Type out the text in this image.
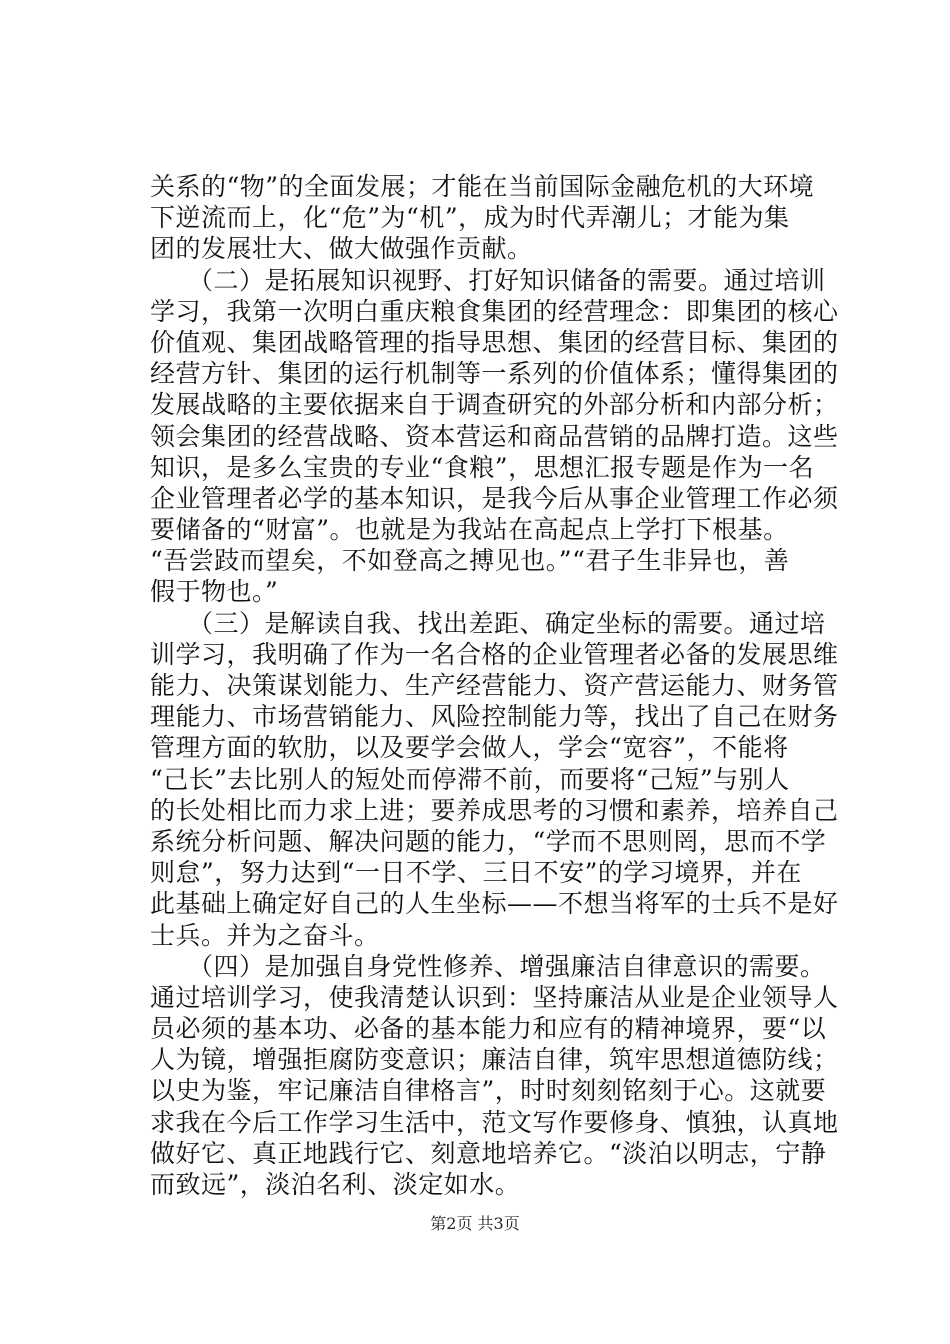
关系的“物”的全面发展；才能在当前国际金融危机的大环境
下逆流而上，化“危”为“机”，成为时代弄潮儿；才能为集
团的发展壮大、做大做强作贡献。
（二）是拓展知识视野、打好知识储备的需要。通过培训
学习，我第一次明白重庆粮食集团的经营理念：即集团的核心
价值观、集团战略管理的指导思想、集团的经营目标、集团的
经营方针、集团的运行机制等一系列的价值体系；懂得集团的
发展战略的主要依据来自于调查研究的外部分析和内部分析；
领会集团的经营战略、资本营运和商品营销的品牌打造。这些
知识，是多么宝贵的专业“食粮”，思想汇报专题是作为一名
企业管理者必学的基本知识，是我今后从事企业管理工作必须
要储备的“财富”。也就是为我站在高起点上学打下根基。
“吾尝跂而望矣，不如登高之搏见也。”“君子生非异也，善
假于物也。”
（三）是解读自我、找出差距、确定坐标的需要。通过培
训学习，我明确了作为一名合格的企业管理者必备的发展思维
能力、决策谋划能力、生产经营能力、资产营运能力、财务管
理能力、市场营销能力、风险控制能力等，找出了自己在财务
管理方面的软肋，以及要学会做人，学会“宽容”，不能将
“己长”去比别人的短处而停滞不前，而要将“己短”与别人
的长处相比而力求上进；要养成思考的习惯和素养，培养自己
系统分析问题、解决问题的能力，“学而不思则罔，思而不学
则怠”，努力达到“一日不学、三日不安”的学习境界，并在
此基础上确定好自己的人生坐标——不想当将军的士兵不是好
士兵。并为之奋斗。
（四）是加强自身党性修养、增强廉洁自律意识的需要。
通过培训学习，使我清楚认识到：坚持廉洁从业是企业领导人
员必须的基本功、必备的基本能力和应有的精神境界，要“以
人为镜，增强拒腐防变意识；廉洁自律，筑牢思想道德防线；
以史为鉴，牢记廉洁自律格言”，时时刻刻铭刻于心。这就要
求我在今后工作学习生活中，范文写作要修身、慎独，认真地
做好它、真正地践行它、刻意地培养它。“淡泊以明志，宁静
而致远”，淡泊名利、淡定如水。
第2页 共3页
